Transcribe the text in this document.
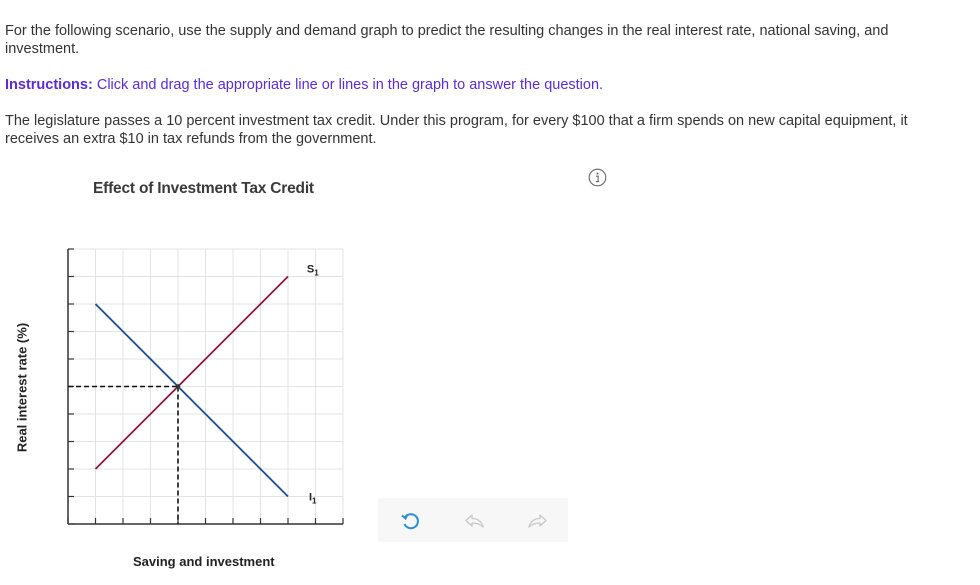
For the following scenario, use the supply and demand graph to predict the resulting changes in the real interest rate, national saving, and investment.

Instructions: Click and drag the appropriate line or lines in the graph to answer the question.

The legislature passes a 10 percent investment tax credit. Under this program, for every $100 that a firm spends on new capital equipment, it receives an extra $10 in tax refunds from the government.

Effect of Investment Tax Credit
Real interest rate (%)
Saving and investment
$S_1$
$I_1$
